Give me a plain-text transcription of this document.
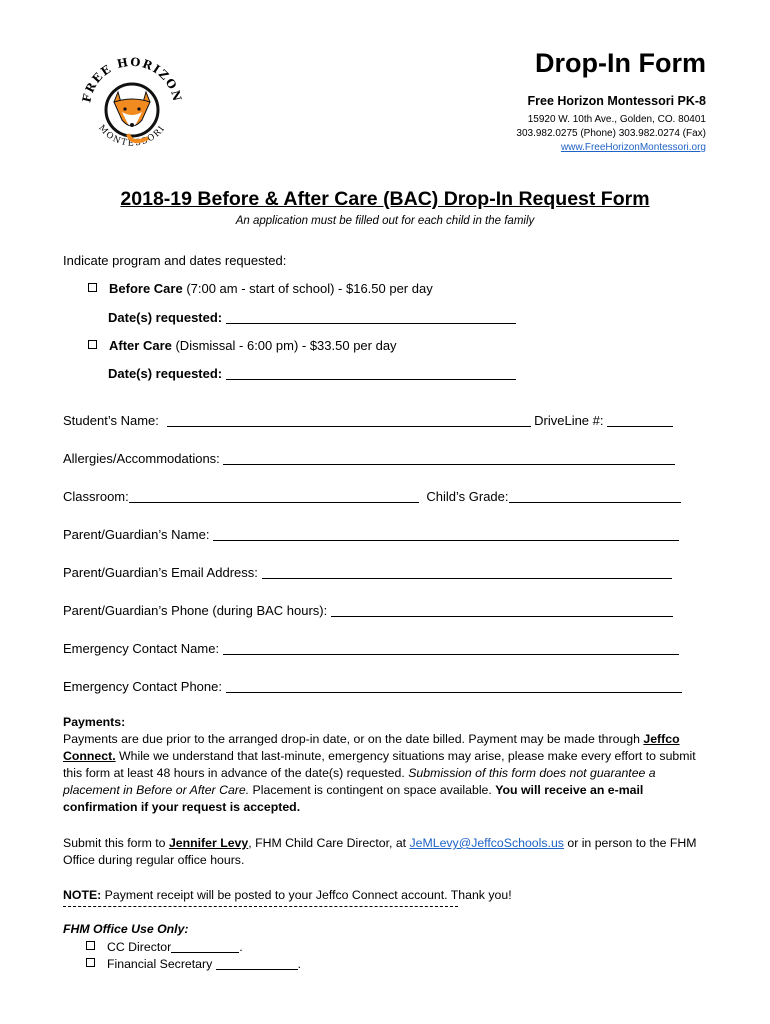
FREE HORIZON
MONTESSORI
Drop-In Form
Free Horizon Montessori PK-8
15920 W. 10th Ave., Golden, CO. 80401
303.982.0275 (Phone) 303.982.0274 (Fax)
www.FreeHorizonMontessori.org
2018-19 Before & After Care (BAC) Drop-In Request Form
An application must be filled out for each child in the family
Indicate program and dates requested:
Before Care (7:00 am - start of school) - $16.50 per day
Date(s) requested:
After Care (Dismissal - 6:00 pm) - $33.50 per day
Date(s) requested:
Student’s Name:	DriveLine #:
Allergies/Accommodations:
Classroom:	Child’s Grade:
Parent/Guardian’s Name:
Parent/Guardian’s Email Address:
Parent/Guardian’s Phone (during BAC hours):
Emergency Contact Name:
Emergency Contact Phone:
Payments:
Payments are due prior to the arranged drop-in date, or on the date billed. Payment may be made through Jeffco Connect. While we understand that last-minute, emergency situations may arise, please make every effort to submit this form at least 48 hours in advance of the date(s) requested. Submission of this form does not guarantee a placement in Before or After Care. Placement is contingent on space available. You will receive an e-mail confirmation if your request is accepted.
Submit this form to Jennifer Levy, FHM Child Care Director, at JeMLevy@JeffcoSchools.us or in person to the FHM Office during regular office hours.
NOTE: Payment receipt will be posted to your Jeffco Connect account. Thank you!
FHM Office Use Only:
CC Director	.
Financial Secretary	.
